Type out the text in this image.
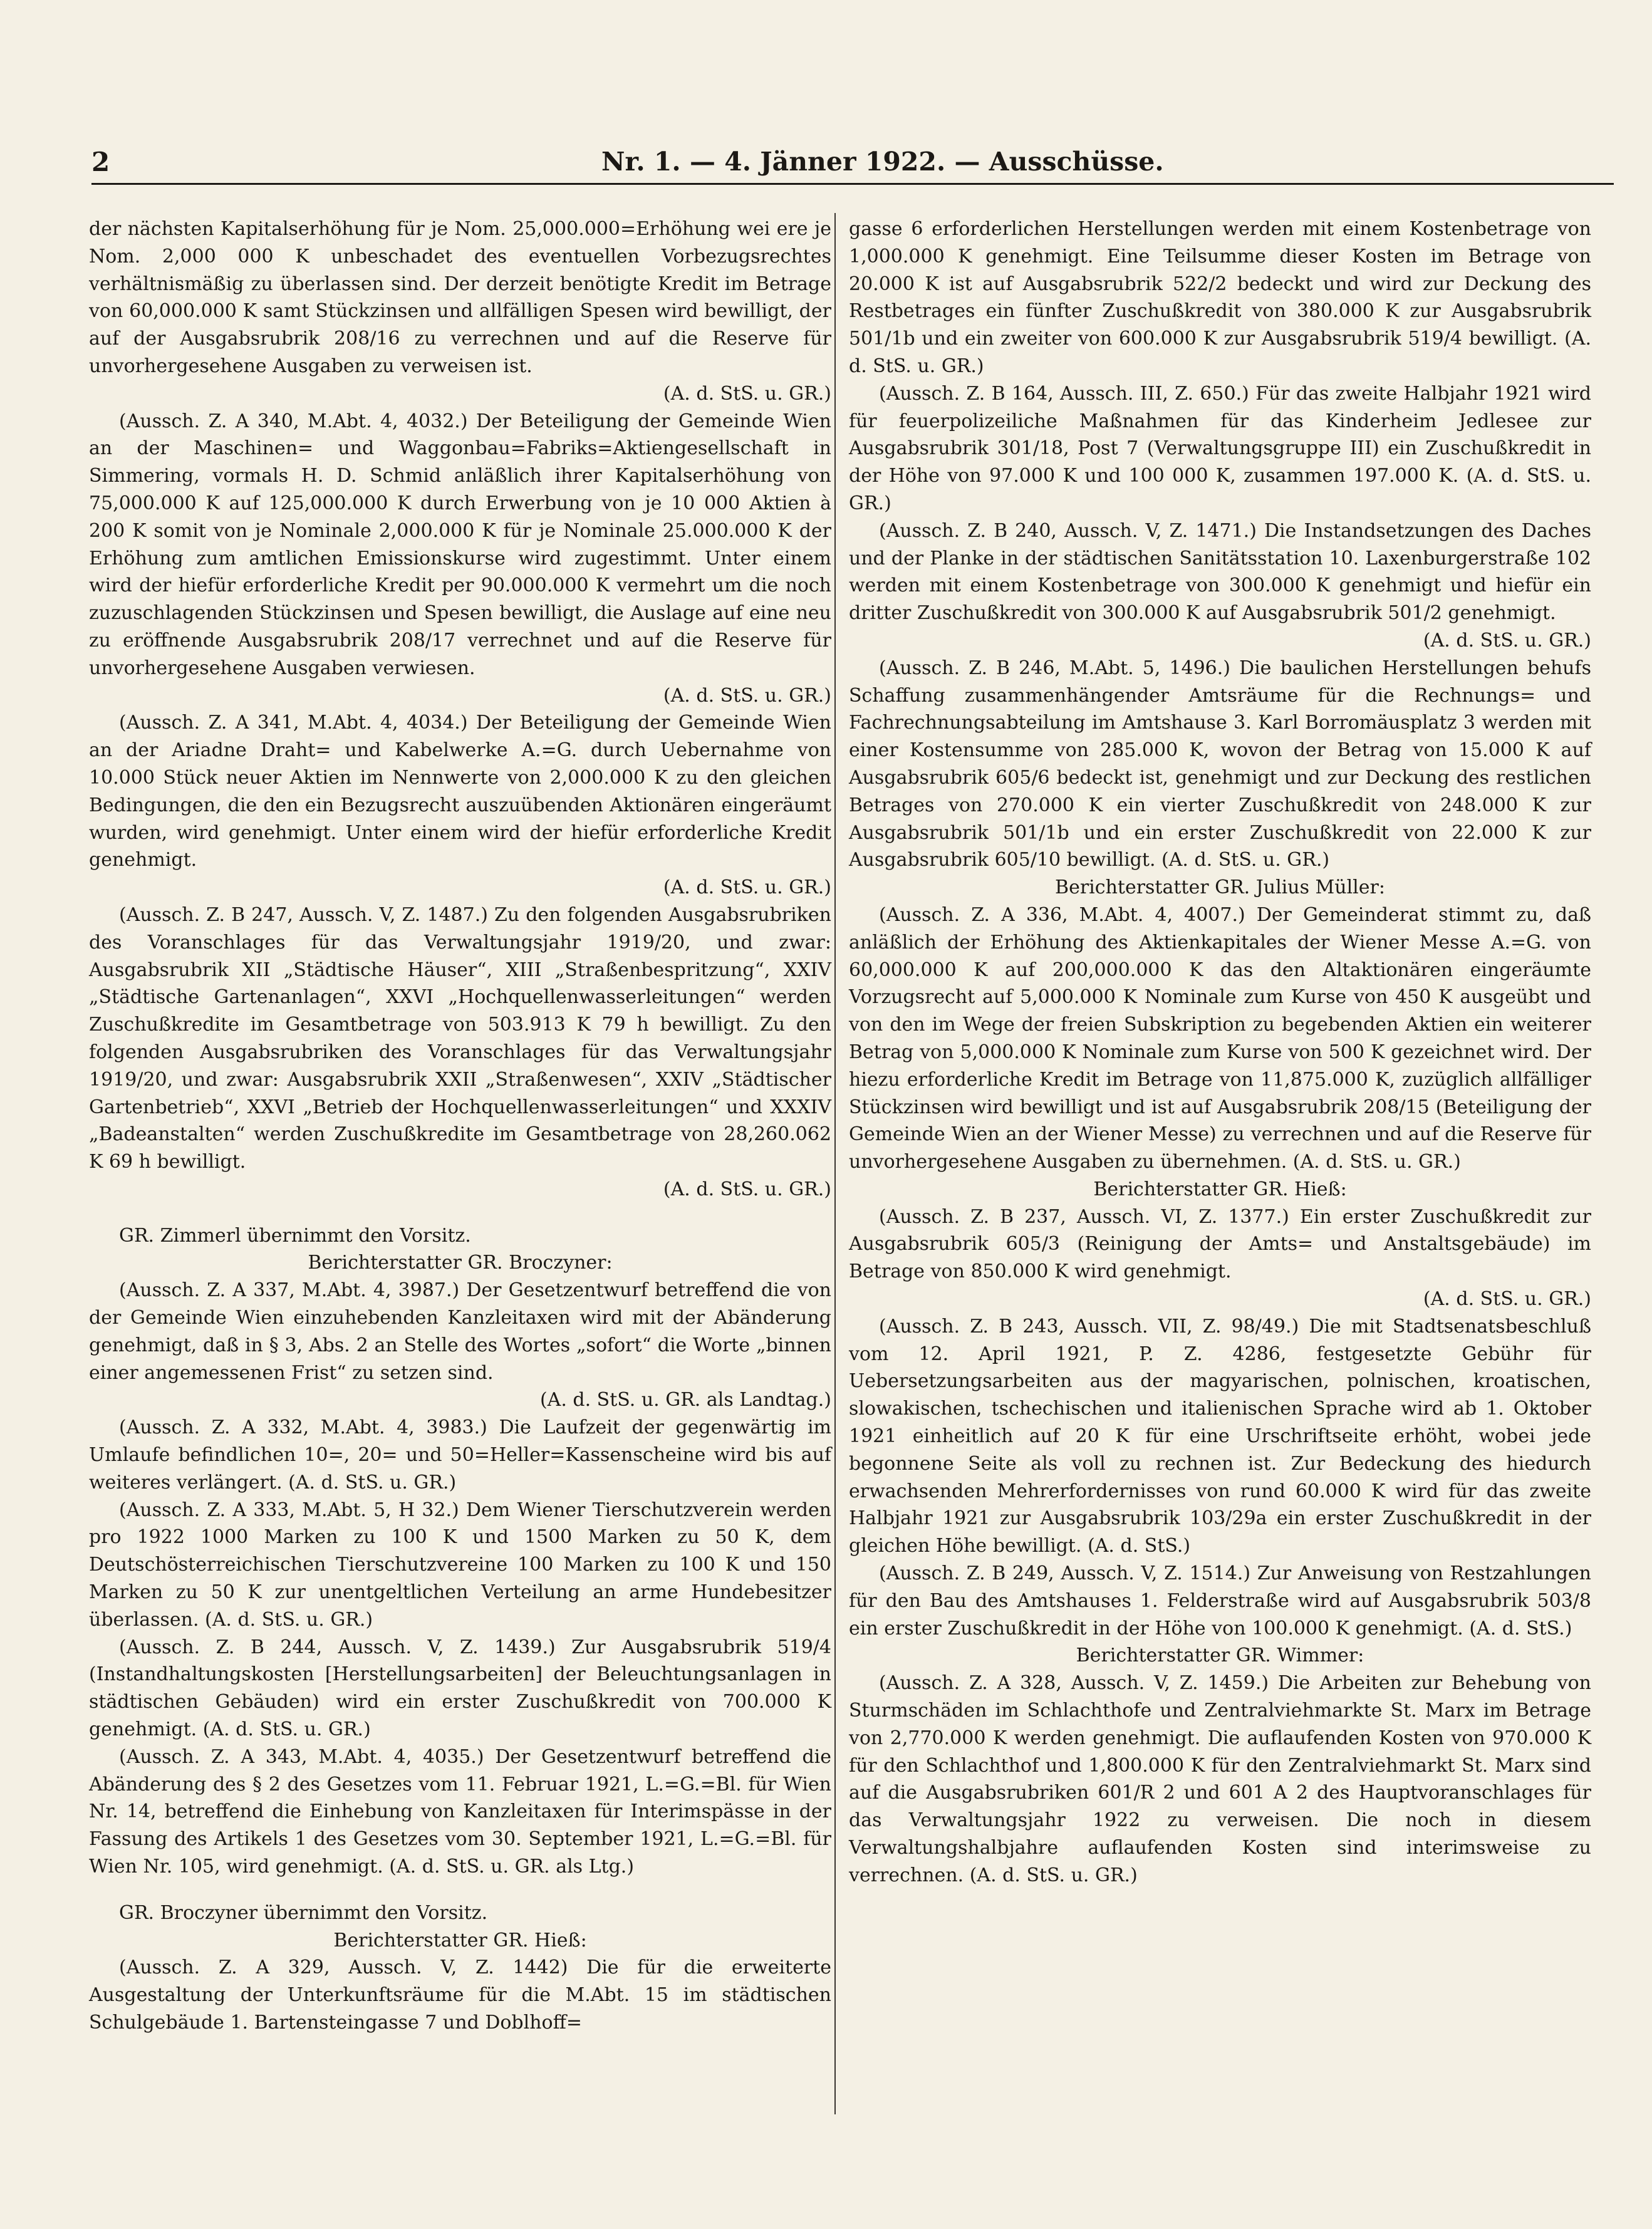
2	Nr. 1. — 4. Jänner 1922. — Ausschüsse.

der nächsten Kapitalserhöhung für je Nom. 25,000.000=Erhöhung wei ere je Nom. 2,000 000 K unbeschadet des eventuellen Vorbezugsrechtes verhältnismäßig zu überlassen sind. Der derzeit benötigte Kredit im Betrage von 60,000.000 K samt Stückzinsen und allfälligen Spesen wird bewilligt, der auf der Ausgabsrubrik 208/16 zu verrechnen und auf die Reserve für unvorhergesehene Ausgaben zu verweisen ist.

(A. d. StS. u. GR.)

(Aussch. Z. A 340, M.Abt. 4, 4032.) Der Beteiligung der Gemeinde Wien an der Maschinen= und Waggonbau=Fabriks=Aktiengesellschaft in Simmering, vormals H. D. Schmid anläßlich ihrer Kapitalserhöhung von 75,000.000 K auf 125,000.000 K durch Erwerbung von je 10 000 Aktien à 200 K somit von je Nominale 2,000.000 K für je Nominale 25.000.000 K der Erhöhung zum amtlichen Emissionskurse wird zugestimmt. Unter einem wird der hiefür erforderliche Kredit per 90.000.000 K vermehrt um die noch zuzuschlagenden Stückzinsen und Spesen bewilligt, die Auslage auf eine neu zu eröffnende Ausgabsrubrik 208/17 verrechnet und auf die Reserve für unvorhergesehene Ausgaben verwiesen.

(A. d. StS. u. GR.)

(Aussch. Z. A 341, M.Abt. 4, 4034.) Der Beteiligung der Gemeinde Wien an der Ariadne Draht= und Kabelwerke A.=G. durch Uebernahme von 10.000 Stück neuer Aktien im Nennwerte von 2,000.000 K zu den gleichen Bedingungen, die den ein Bezugsrecht auszuübenden Aktionären eingeräumt wurden, wird genehmigt. Unter einem wird der hiefür erforderliche Kredit genehmigt.

(A. d. StS. u. GR.)

(Aussch. Z. B 247, Aussch. V, Z. 1487.) Zu den folgenden Ausgabsrubriken des Voranschlages für das Verwaltungsjahr 1919/20, und zwar: Ausgabsrubrik XII „Städtische Häuser“, XIII „Straßenbespritzung“, XXIV „Städtische Gartenanlagen“, XXVI „Hochquellenwasserleitungen“ werden Zuschußkredite im Gesamtbetrage von 503.913 K 79 h bewilligt. Zu den folgenden Ausgabsrubriken des Voranschlages für das Verwaltungsjahr 1919/20, und zwar: Ausgabsrubrik XXII „Straßenwesen“, XXIV „Städtischer Gartenbetrieb“, XXVI „Betrieb der Hochquellenwasserleitungen“ und XXXIV „Badeanstalten“ werden Zuschußkredite im Gesamtbetrage von 28,260.062 K 69 h bewilligt.

(A. d. StS. u. GR.)

GR. Zimmerl übernimmt den Vorsitz.

Berichterstatter GR. Broczyner:

(Aussch. Z. A 337, M.Abt. 4, 3987.) Der Gesetzentwurf betreffend die von der Gemeinde Wien einzuhebenden Kanzleitaxen wird mit der Abänderung genehmigt, daß in § 3, Abs. 2 an Stelle des Wortes „sofort“ die Worte „binnen einer angemessenen Frist“ zu setzen sind.

(A. d. StS. u. GR. als Landtag.)

(Aussch. Z. A 332, M.Abt. 4, 3983.) Die Laufzeit der gegenwärtig im Umlaufe befindlichen 10=, 20= und 50=Heller=Kassenscheine wird bis auf weiteres verlängert. (A. d. StS. u. GR.)

(Aussch. Z. A 333, M.Abt. 5, H 32.) Dem Wiener Tierschutzverein werden pro 1922 1000 Marken zu 100 K und 1500 Marken zu 50 K, dem Deutschösterreichischen Tierschutzvereine 100 Marken zu 100 K und 150 Marken zu 50 K zur unentgeltlichen Verteilung an arme Hundebesitzer überlassen. (A. d. StS. u. GR.)

(Aussch. Z. B 244, Aussch. V, Z. 1439.) Zur Ausgabsrubrik 519/4 (Instandhaltungskosten [Herstellungsarbeiten] der Beleuchtungsanlagen in städtischen Gebäuden) wird ein erster Zuschußkredit von 700.000 K genehmigt. (A. d. StS. u. GR.)

(Aussch. Z. A 343, M.Abt. 4, 4035.) Der Gesetzentwurf betreffend die Abänderung des § 2 des Gesetzes vom 11. Februar 1921, L.=G.=Bl. für Wien Nr. 14, betreffend die Einhebung von Kanzleitaxen für Interimspässe in der Fassung des Artikels 1 des Gesetzes vom 30. September 1921, L.=G.=Bl. für Wien Nr. 105, wird genehmigt. (A. d. StS. u. GR. als Ltg.)

GR. Broczyner übernimmt den Vorsitz.

Berichterstatter GR. Hieß:

(Aussch. Z. A 329, Aussch. V, Z. 1442) Die für die erweiterte Ausgestaltung der Unterkunftsräume für die M.Abt. 15 im städtischen Schulgebäude 1. Bartensteingasse 7 und Doblhoff=

gasse 6 erforderlichen Herstellungen werden mit einem Kostenbetrage von 1,000.000 K genehmigt. Eine Teilsumme dieser Kosten im Betrage von 20.000 K ist auf Ausgabsrubrik 522/2 bedeckt und wird zur Deckung des Restbetrages ein fünfter Zuschußkredit von 380.000 K zur Ausgabsrubrik 501/1b und ein zweiter von 600.000 K zur Ausgabsrubrik 519/4 bewilligt. (A. d. StS. u. GR.)

(Aussch. Z. B 164, Aussch. III, Z. 650.) Für das zweite Halbjahr 1921 wird für feuerpolizeiliche Maßnahmen für das Kinderheim Jedlesee zur Ausgabsrubrik 301/18, Post 7 (Verwaltungsgruppe III) ein Zuschußkredit in der Höhe von 97.000 K und 100 000 K, zusammen 197.000 K. (A. d. StS. u. GR.)

(Aussch. Z. B 240, Aussch. V, Z. 1471.) Die Instandsetzungen des Daches und der Planke in der städtischen Sanitätsstation 10. Laxenburgerstraße 102 werden mit einem Kostenbetrage von 300.000 K genehmigt und hiefür ein dritter Zuschußkredit von 300.000 K auf Ausgabsrubrik 501/2 genehmigt.

(A. d. StS. u. GR.)

(Aussch. Z. B 246, M.Abt. 5, 1496.) Die baulichen Herstellungen behufs Schaffung zusammenhängender Amtsräume für die Rechnungs= und Fachrechnungsabteilung im Amtshause 3. Karl Borromäusplatz 3 werden mit einer Kostensumme von 285.000 K, wovon der Betrag von 15.000 K auf Ausgabsrubrik 605/6 bedeckt ist, genehmigt und zur Deckung des restlichen Betrages von 270.000 K ein vierter Zuschußkredit von 248.000 K zur Ausgabsrubrik 501/1b und ein erster Zuschußkredit von 22.000 K zur Ausgabsrubrik 605/10 bewilligt. (A. d. StS. u. GR.)

Berichterstatter GR. Julius Müller:

(Aussch. Z. A 336, M.Abt. 4, 4007.) Der Gemeinderat stimmt zu, daß anläßlich der Erhöhung des Aktienkapitales der Wiener Messe A.=G. von 60,000.000 K auf 200,000.000 K das den Altaktionären eingeräumte Vorzugsrecht auf 5,000.000 K Nominale zum Kurse von 450 K ausgeübt und von den im Wege der freien Subskription zu begebenden Aktien ein weiterer Betrag von 5,000.000 K Nominale zum Kurse von 500 K gezeichnet wird. Der hiezu erforderliche Kredit im Betrage von 11,875.000 K, zuzüglich allfälliger Stückzinsen wird bewilligt und ist auf Ausgabsrubrik 208/15 (Beteiligung der Gemeinde Wien an der Wiener Messe) zu verrechnen und auf die Reserve für unvorhergesehene Ausgaben zu übernehmen. (A. d. StS. u. GR.)

Berichterstatter GR. Hieß:

(Aussch. Z. B 237, Aussch. VI, Z. 1377.) Ein erster Zuschußkredit zur Ausgabsrubrik 605/3 (Reinigung der Amts= und Anstaltsgebäude) im Betrage von 850.000 K wird genehmigt.

(A. d. StS. u. GR.)

(Aussch. Z. B 243, Aussch. VII, Z. 98/49.) Die mit Stadtsenatsbeschluß vom 12. April 1921, P. Z. 4286, festgesetzte Gebühr für Uebersetzungsarbeiten aus der magyarischen, polnischen, kroatischen, slowakischen, tschechischen und italienischen Sprache wird ab 1. Oktober 1921 einheitlich auf 20 K für eine Urschriftseite erhöht, wobei jede begonnene Seite als voll zu rechnen ist. Zur Bedeckung des hiedurch erwachsenden Mehrerfordernisses von rund 60.000 K wird für das zweite Halbjahr 1921 zur Ausgabsrubrik 103/29a ein erster Zuschußkredit in der gleichen Höhe bewilligt. (A. d. StS.)

(Aussch. Z. B 249, Aussch. V, Z. 1514.) Zur Anweisung von Restzahlungen für den Bau des Amtshauses 1. Felderstraße wird auf Ausgabsrubrik 503/8 ein erster Zuschußkredit in der Höhe von 100.000 K genehmigt. (A. d. StS.)

Berichterstatter GR. Wimmer:

(Aussch. Z. A 328, Aussch. V, Z. 1459.) Die Arbeiten zur Behebung von Sturmschäden im Schlachthofe und Zentralviehmarkte St. Marx im Betrage von 2,770.000 K werden genehmigt. Die auflaufenden Kosten von 970.000 K für den Schlachthof und 1,800.000 K für den Zentralviehmarkt St. Marx sind auf die Ausgabsrubriken 601/R 2 und 601 A 2 des Hauptvoranschlages für das Verwaltungsjahr 1922 zu verweisen. Die noch in diesem Verwaltungshalbjahre auflaufenden Kosten sind interimsweise zu verrechnen. (A. d. StS. u. GR.)
